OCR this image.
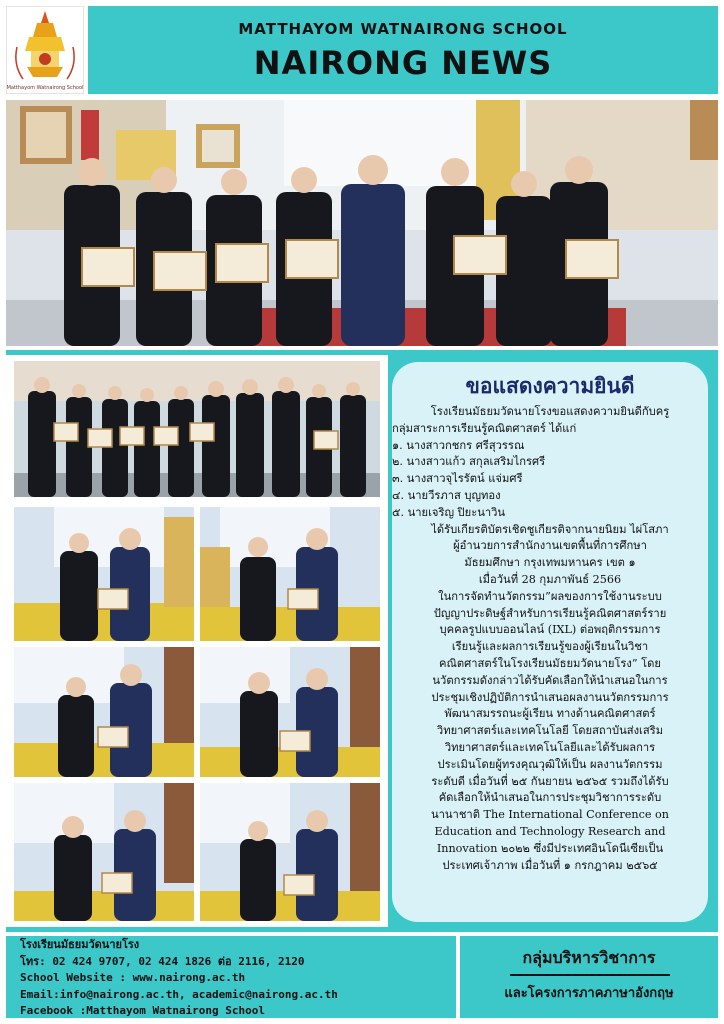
Matthayom Watnairong School
MATTHAYOM WATNAIRONG SCHOOL
NAIRONG NEWS
ขอแสดงความยินดี
โรงเรียนมัธยมวัดนายโรงขอแสดงความยินดีกับครู
กลุ่มสาระการเรียนรู้คณิตศาสตร์ ได้แก่
๑. นางสาวกชกร ศรีสุวรรณ
๒. นางสาวแก้ว สกุลเสริมไกรศรี
๓. นางสาวจุไรรัตน์ แจ่มศรี
๔. นายวีรภาส บุญทอง
๕. นายเจริญ ปิยะนาวิน
ได้รับเกียรติบัตรเชิดชูเกียรติจากนายนิยม ไผ่โสภา
ผู้อำนวยการสำนักงานเขตพื้นที่การศึกษา
มัธยมศึกษา กรุงเทพมหานคร เขต ๑
เมื่อวันที่ 28 กุมภาพันธ์ 2566
ในการจัดทำนวัตกรรม”ผลของการใช้งานระบบ
ปัญญาประดิษฐ์สำหรับการเรียนรู้คณิตศาสตร์ราย
บุคคลรูปแบบออนไลน์ (IXL) ต่อพฤติกรรมการ
เรียนรู้และผลการเรียนรู้ของผู้เรียนในวิชา
คณิตศาสตร์ในโรงเรียนมัธยมวัดนายโรง” โดย
นวัตกรรมดังกล่าวได้รับคัดเลือกให้นำเสนอในการ
ประชุมเชิงปฏิบัติการนำเสนอผลงานนวัตกรรมการ
พัฒนาสมรรถนะผู้เรียน ทางด้านคณิตศาสตร์
วิทยาศาสตร์และเทคโนโลยี โดยสถาบันส่งเสริม
วิทยาศาสตร์และเทคโนโลยีและได้รับผลการ
ประเมินโดยผู้ทรงคุณวุฒิให้เป็น ผลงานวัตกรรม
ระดับดี เมื่อวันที่ ๒๕ กันยายน ๒๕๖๕ รวมถึงได้รับ
คัดเลือกให้นำเสนอในการประชุมวิชาการระดับ
นานาชาติ The International Conference on
Education and Technology Research and
Innovation ๒๐๒๒ ซึ่งมีประเทศอินโดนีเซียเป็น
ประเทศเจ้าภาพ เมื่อวันที่ ๑ กรกฎาคม ๒๕๖๕
โรงเรียนมัธยมวัดนายโรง
โทร: 02 424 9707, 02 424 1826 ต่อ 2116, 2120
School Website : www.nairong.ac.th
Email:info@nairong.ac.th, academic@nairong.ac.th
Facebook :Matthayom Watnairong School
กลุ่มบริหารวิชาการ
และโครงการภาคภาษาอังกฤษ
